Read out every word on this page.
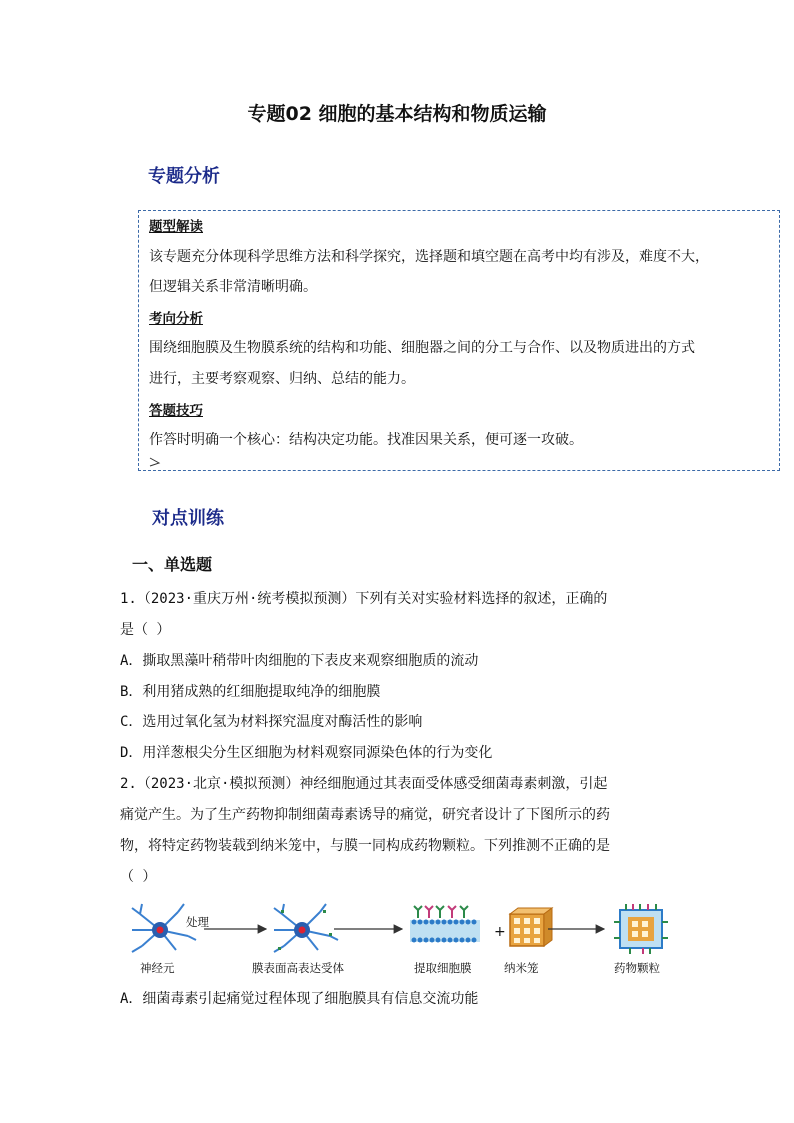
专题02 细胞的基本结构和物质运输
专题分析
题型解读
该专题充分体现科学思维方法和科学探究，选择题和填空题在高考中均有涉及，难度不大，
但逻辑关系非常清晰明确。
考向分析
围绕细胞膜及生物膜系统的结构和功能、细胞器之间的分工与合作、以及物质进出的方式
进行，主要考察观察、归纳、总结的能力。
答题技巧
作答时明确一个核心：结构决定功能。找准因果关系，便可逐一攻破。
对点训练
一、单选题
1.（2023·重庆万州·统考模拟预测）下列有关对实验材料选择的叙述，正确的
是（ ）
A．撕取黑藻叶稍带叶肉细胞的下表皮来观察细胞质的流动
B．利用猪成熟的红细胞提取纯净的细胞膜
C．选用过氧化氢为材料探究温度对酶活性的影响
D．用洋葱根尖分生区细胞为材料观察同源染色体的行为变化
2.（2023·北京·模拟预测）神经细胞通过其表面受体感受细菌毒素刺激，引起
痛觉产生。为了生产药物抑制细菌毒素诱导的痛觉，研究者设计了下图所示的药
物，将特定药物装载到纳米笼中，与膜一同构成药物颗粒。下列推测不正确的是
（ ）
+
处理
神经元	膜表面高表达受体	提取细胞膜	纳米笼	药物颗粒
A．细菌毒素引起痛觉过程体现了细胞膜具有信息交流功能
